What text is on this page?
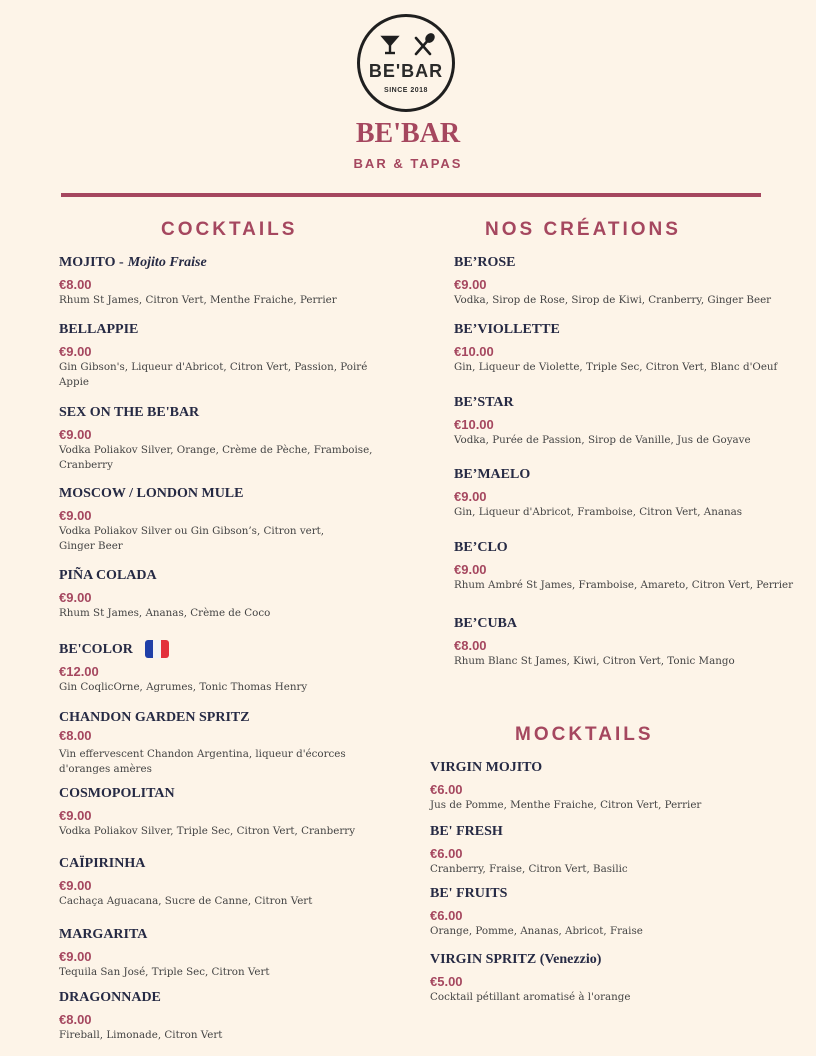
BE'BAR
SINCE 2018
BE'BAR
BAR & TAPAS
COCKTAILS
MOJITO - Mojito Fraise
€8.00
Rhum St James, Citron Vert, Menthe Fraiche, Perrier
BELLAPPIE
€9.00
Gin Gibson's, Liqueur d'Abricot, Citron Vert, Passion, Poiré Appie
SEX ON THE BE'BAR
€9.00
Vodka Poliakov Silver, Orange, Crème de Pèche, Framboise, Cranberry
MOSCOW / LONDON MULE
€9.00
Vodka Poliakov Silver ou Gin Gibson’s, Citron vert, Ginger Beer
PIÑA COLADA
€9.00
Rhum St James, Ananas, Crème de Coco
BE'COLOR
€12.00
Gin CoqlicOrne, Agrumes, Tonic Thomas Henry
CHANDON GARDEN SPRITZ
€8.00
Vin effervescent Chandon Argentina, liqueur d'écorces d'oranges amères
COSMOPOLITAN
€9.00
Vodka Poliakov Silver, Triple Sec, Citron Vert, Cranberry
CAÏPIRINHA
€9.00
Cachaça Aguacana, Sucre de Canne, Citron Vert
MARGARITA
€9.00
Tequila San José, Triple Sec, Citron Vert
DRAGONNADE
€8.00
Fireball, Limonade, Citron Vert
NOS CRÉATIONS
BE’ROSE
€9.00
Vodka, Sirop de Rose, Sirop de Kiwi, Cranberry, Ginger Beer
BE’VIOLLETTE
€10.00
Gin, Liqueur de Violette, Triple Sec, Citron Vert, Blanc d'Oeuf
BE’STAR
€10.00
Vodka, Purée de Passion, Sirop de Vanille, Jus de Goyave
BE’MAELO
€9.00
Gin, Liqueur d'Abricot, Framboise, Citron Vert, Ananas
BE’CLO
€9.00
Rhum Ambré St James, Framboise, Amareto, Citron Vert, Perrier
BE’CUBA
€8.00
Rhum Blanc St James, Kiwi, Citron Vert, Tonic Mango
MOCKTAILS
VIRGIN MOJITO
€6.00
Jus de Pomme, Menthe Fraiche, Citron Vert, Perrier
BE' FRESH
€6.00
Cranberry, Fraise, Citron Vert, Basilic
BE' FRUITS
€6.00
Orange, Pomme, Ananas, Abricot, Fraise
VIRGIN SPRITZ (Venezzio)
€5.00
Cocktail pétillant aromatisé à l'orange
